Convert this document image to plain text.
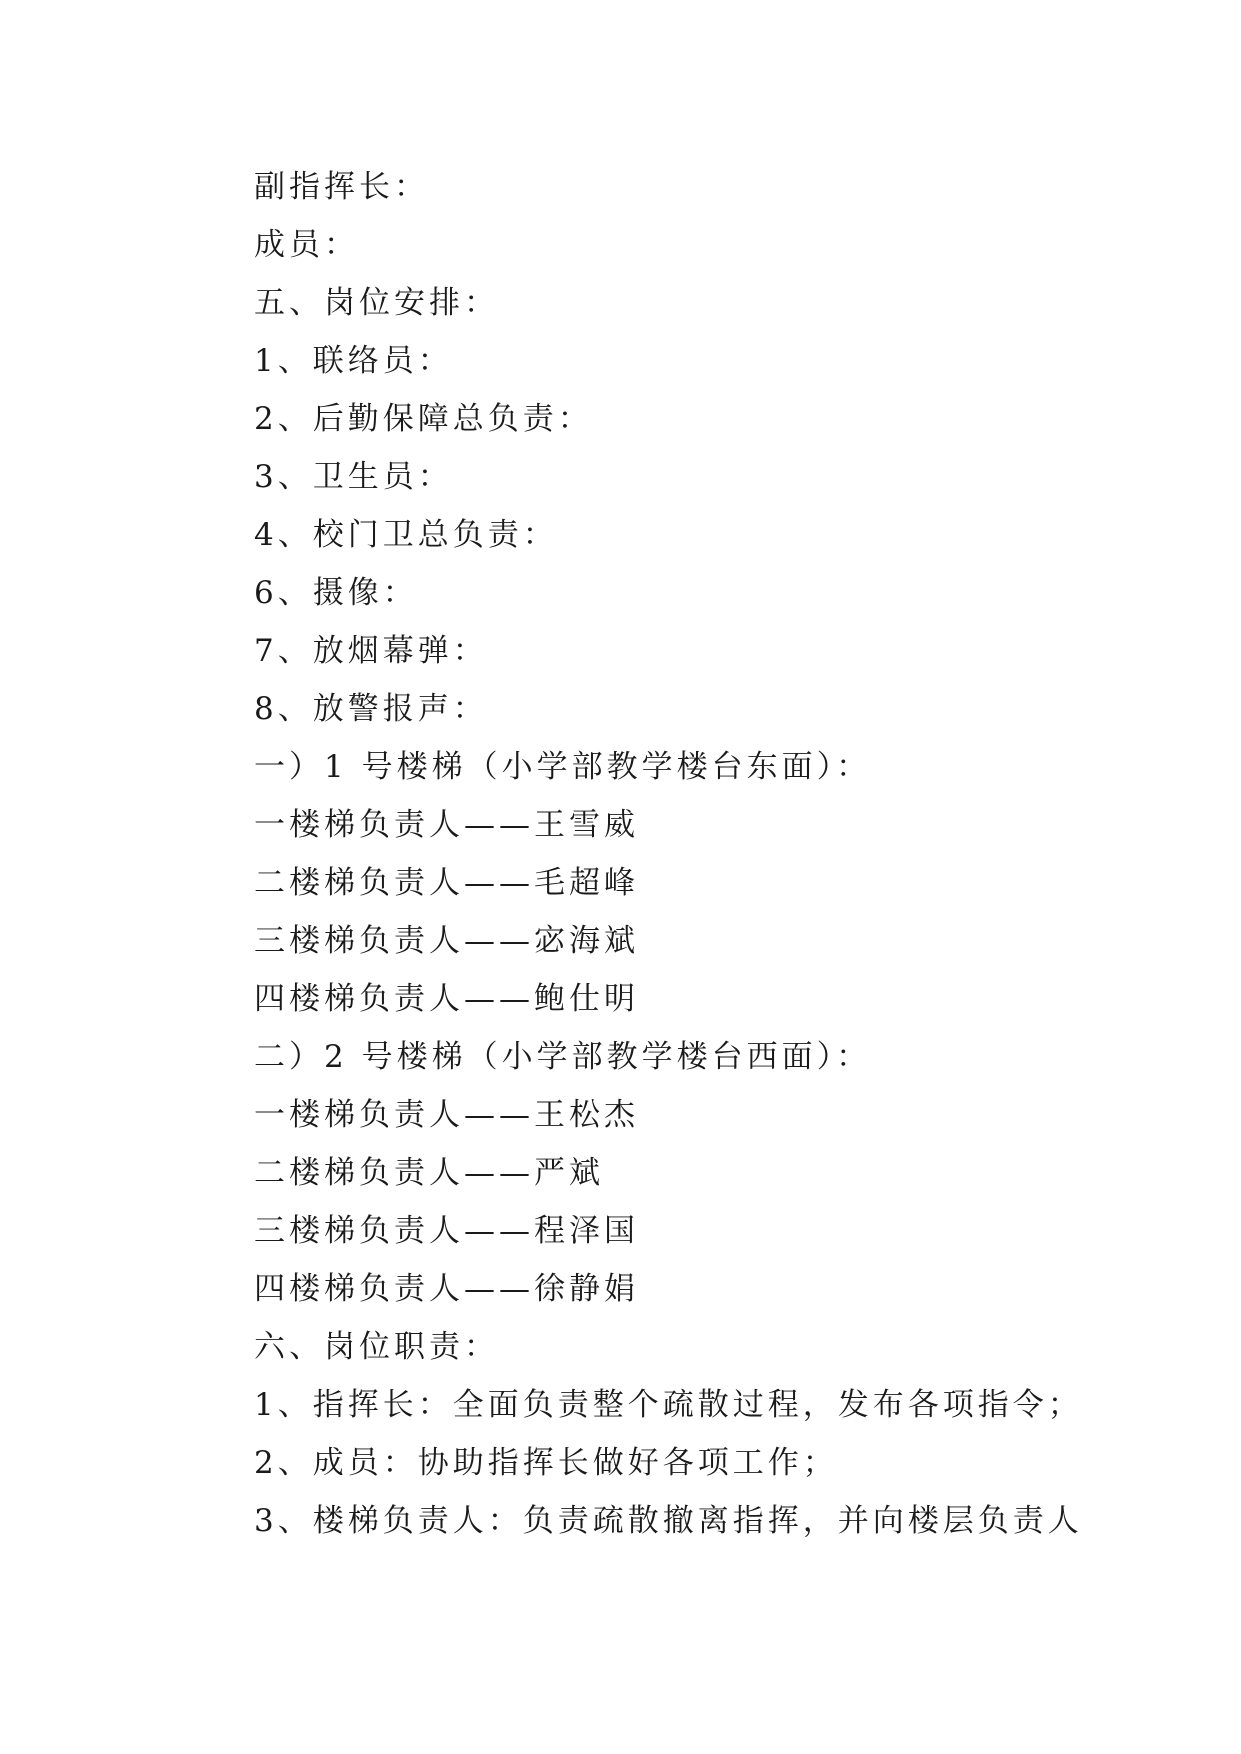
副指挥长：

成员：

五、岗位安排：

1、联络员：

2、后勤保障总负责：

3、卫生员：

4、校门卫总负责：

6、摄像：

7、放烟幕弹：

8、放警报声：

一）1 号楼梯（小学部教学楼台东面）：

一楼梯负责人——王雪威

二楼梯负责人——毛超峰

三楼梯负责人——宓海斌

四楼梯负责人——鲍仕明

二）2 号楼梯（小学部教学楼台西面）：

一楼梯负责人——王松杰

二楼梯负责人——严斌

三楼梯负责人——程泽国

四楼梯负责人——徐静娟

六、岗位职责：

1、指挥长：全面负责整个疏散过程，发布各项指令；

2、成员：协助指挥长做好各项工作；

3、楼梯负责人：负责疏散撤离指挥，并向楼层负责人
